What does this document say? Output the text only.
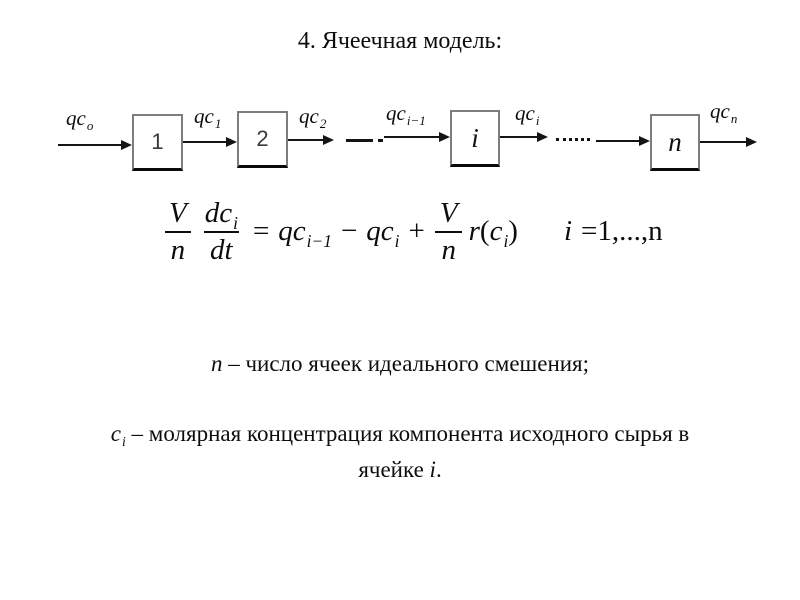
4. Ячеечная модель:
$qc_o$	$qc_1$	$qc_2$	$qc_{i-1}$	$qc_i$	$qc_n$
1	2	i	n
$\frac{V}{n} \frac{dc_i}{dt} = qc_{i-1} - qc_i + \frac{V}{n} r(c_i)$ i =1,...,n
n – число ячеек идеального смешения;
$c_i$ – молярная концентрация компонента исходного сырья в
ячейке i.
